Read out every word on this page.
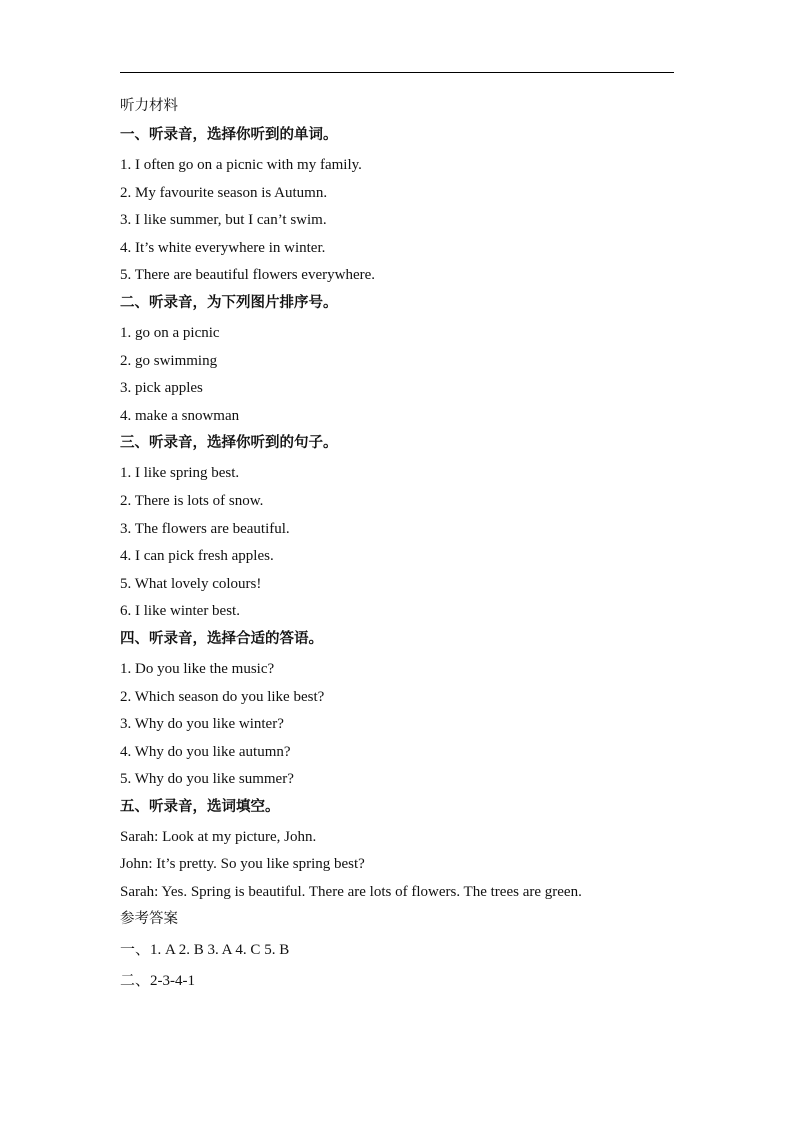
听力材料

一、听录音，选择你听到的单词。

1. I often go on a picnic with my family.

2. My favourite season is Autumn.

3. I like summer, but I can’t swim.

4. It’s white everywhere in winter.

5. There are beautiful flowers everywhere.

二、听录音，为下列图片排序号。

1. go on a picnic

2. go swimming

3. pick apples

4. make a snowman

三、听录音，选择你听到的句子。

1. I like spring best.

2. There is lots of snow.

3. The flowers are beautiful.

4. I can pick fresh apples.

5. What lovely colours!

6. I like winter best.

四、听录音，选择合适的答语。

1. Do you like the music?

2. Which season do you like best?

3. Why do you like winter?

4. Why do you like autumn?

5. Why do you like summer?

五、听录音，选词填空。

Sarah: Look at my picture, John.

John: It’s pretty. So you like spring best?

Sarah: Yes. Spring is beautiful. There are lots of flowers. The trees are green.

参考答案

一、1. A 2. B 3. A 4. C 5. B

二、2-3-4-1
